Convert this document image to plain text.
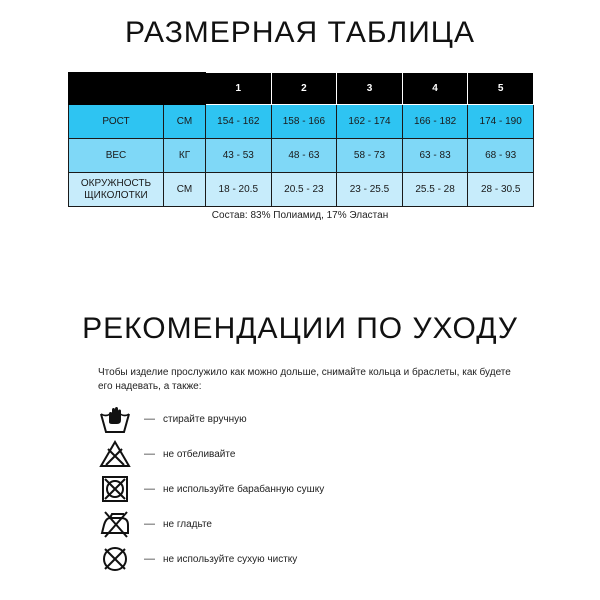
РАЗМЕРНАЯ ТАБЛИЦА
		1	2	3	4	5
РОСТ	СМ	154 - 162	158 - 166	162 - 174	166 - 182	174 - 190
ВЕС	КГ	43 - 53	48 - 63	58 - 73	63 - 83	68 - 93
ОКРУЖНОСТЬ
ЩИКОЛОТКИ	СМ	18 - 20.5	20.5 - 23	23 - 25.5	25.5 - 28	28 - 30.5
Состав: 83% Полиамид, 17% Эластан
РЕКОМЕНДАЦИИ ПО УХОДУ
Чтобы изделие прослужило как можно дольше, снимайте кольца и браслеты, как будете его надевать, а также:
— стирайте вручную
— не отбеливайте
— не используйте барабанную сушку
— не гладьте
— не используйте сухую чистку
